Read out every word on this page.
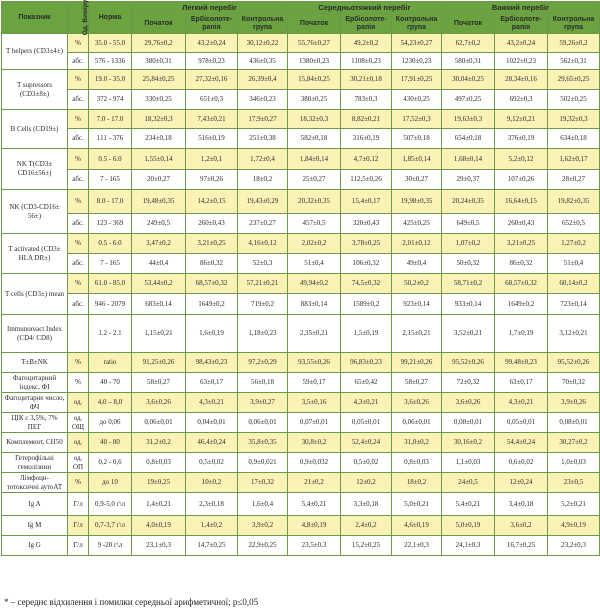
Показник	Од. Виміру	Норма	Легкий перебіг			Середньотяжкий перебіг			Важкий перебіг		
			Початок	Ербісолоте-рапія	Контрольна група	Початок	Ербісолоте-рапія	Контрольна група	Початок	Ербісолоте-рапія	Контрольна група
T helpers (CD3±4±)	%	35.0 - 55.0	29,76±0,2	43,2±0,24	30,12±0,22	55,76±0,27	49,2±0,2	54,23±0,27	62,7±0,2	43,2±0,24	59,26±0,2
	абс.	576 - 1336	380±0,31	978±0,23	436±0,35	1380±0,23	1108±0,23	1230±0,23	580±0,31	1022±0,23	562±0,31
T supressors (CD3±8±)	%	19.0 - 35.0	25,84±0,25	27,32±0,16	26,39±0,4	15,84±0,25	30,21±0,18	17,91±0,25	30,04±0,25	28,34±0,16	29,65±0,25
	абс.	372 - 974	330±0,25	651±0,3	346±0,23	380±0,25	783±0,3	430±0,25	497±0,25	692±0,3	502±0,25
B Cells (CD19±)	%	7.0 - 17.0	18,32±0,3	7,43±0,21	17,9±0,27	18,32±0,3	8,82±0,21	17,52±0,3	19,63±0,3	9,12±0,21	19,32±0,3
	абс.	111 - 376	234±0,18	516±0,19	251±0,38	582±0,18	316±0,19	507±0,18	654±0,18	376±0,19	634±0,18
NK T(CD3± CD16±56±)	%	0.5 - 6.0	1,55±0,14	1,2±0,1	1,72±0,4	1,84±0,14	4,7±0,12	1,85±0,14	1,68±0,14	5,2±0,12	1,62±0,17
	абс.	7 - 165	20±0,27	97±0,26	18±0,2	25±0,27	112,5±0,26	30±0,27	29±0,37	107±0,26	28±0,27
NK (CD3-CD16± 56±)	%	8.0 - 17.0	19,48±0,35	14,2±0,15	19,43±0,29	20,32±0,35	15,4±0,17	19,98±0,35	20,24±0,35	16,64±0,15	19,82±0,35
	абс.	123 - 369	249±0,5	260±0,43	237±0,27	457±0,5	320±0,43	425±0,25	649±0,5	260±0,43	652±0,5
T activated (CD3± HLA DR±)	%	0.5 - 6.0	3,47±0,2	3,21±0,25	4,16±0,12	2,02±0,2	3,78±0,25	2,01±0,12	1,07±0,2	3,21±0,25	1,27±0,2
	абс.	7 - 165	44±0,4	86±0,32	52±0,3	51±0,4	106±0,32	49±0,4	50±0,32	86±0,32	51±0,4
T cells (CD3±) mean	%	61.0 - 85.0	53,44±0,2	68,57±0,32	57,21±0,21	49,94±0,2	74,5±0,32	50,2±0,2	58,71±0,2	68,57±0,32	60,14±0,2
	абс.	946 - 2079	683±0,14	1649±0,2	719±0,2	883±0,14	1589±0,2	923±0,14	933±0,14	1649±0,2	723±0,14
Immunoreact Index (CD4/ CD8)		1.2 - 2.1	1,15±0,21	1,6±0,19	1,18±0,23	2,35±0,21	1,5±0,19	2,15±0,21	3,52±0,21	1,7±0,19	3,12±0,21
T±B±NK	%	ratio	91,25±0,26	98,43±0,23	97,2±0,29	93,55±0,26	96,83±0,23	99,21±0,26	95,52±0,26	99,48±0,23	95,52±0,26
Фагоцитарний індекс, ФІ	%	40 - 70	58±0,27	63±0,17	56±0,18	59±0,17	65±0,42	58±0,27	72±0,32	63±0,17	70±0,32
Фагоцитарне число, ФЧ	од.	4,0 – 8,0	3,6±0,26	4,3±0,21	3,9±0,27	3,5±0,16	4,3±0,21	3,6±0,26	3,6±0,26	4,3±0,21	3,9±0,26
ЦІК с 3,5%, 7% ПЕГ	од. ОЩ	до 0,06	0,06±0,01	0,04±0,01	0,06±0,01	0,07±0,01	0,05±0,01	0,06±0,01	0,08±0,01	0,05±0,01	0,08±0,01
Комплемент, CH50	од.	40 - 80	31,2±0,2	46,4±0,24	35,8±0,35	30,8±0,2	52,4±0,24	31,0±0,2	30,16±0,2	54,4±0,24	30,27±0,2
Гетерофільні гемолізини	од. ОП	0,2 - 0,6	0,8±0,03	0,5±0,02	0,9±0,021	0,9±0,032	0,5±0,02	0,8±0,03	1,1±0,03	0,6±0,02	1,0±0,03
Лімфоци-тотоксичні аутоАТ	%	до 10	19±0,25	10±0,2	17±0,32	21±0,2	12±0,2	18±0,2	24±0,5	12±0,24	23±0,5
Ig A	Г/л	0,9-5,0 г\л	1,4±0,21	2,3±0,18	1,6±0,4	5,4±0,21	3,3±0,18	5,0±0,21	5,4±0,21	3,4±0,18	5,2±0,21
Ig M	Г/л	0,7-3,7 г\л	4,0±0,19	1,4±0,2	3,9±0,2	4,8±0,19	2,4±0,2	4,6±0,19	5,0±0,19	3,6±0,2	4,9±0,19
Ig G	Г/л	9 -20 г\л	23,1±0,3	14,7±0,25	22,9±0,25	23,5±0,3	15,2±0,25	22,1±0,3	24,1±0,3	16,7±0,25	23,2±0,3
* – середнє відхилення і помилки середньої арифметичної; p≤0,05
